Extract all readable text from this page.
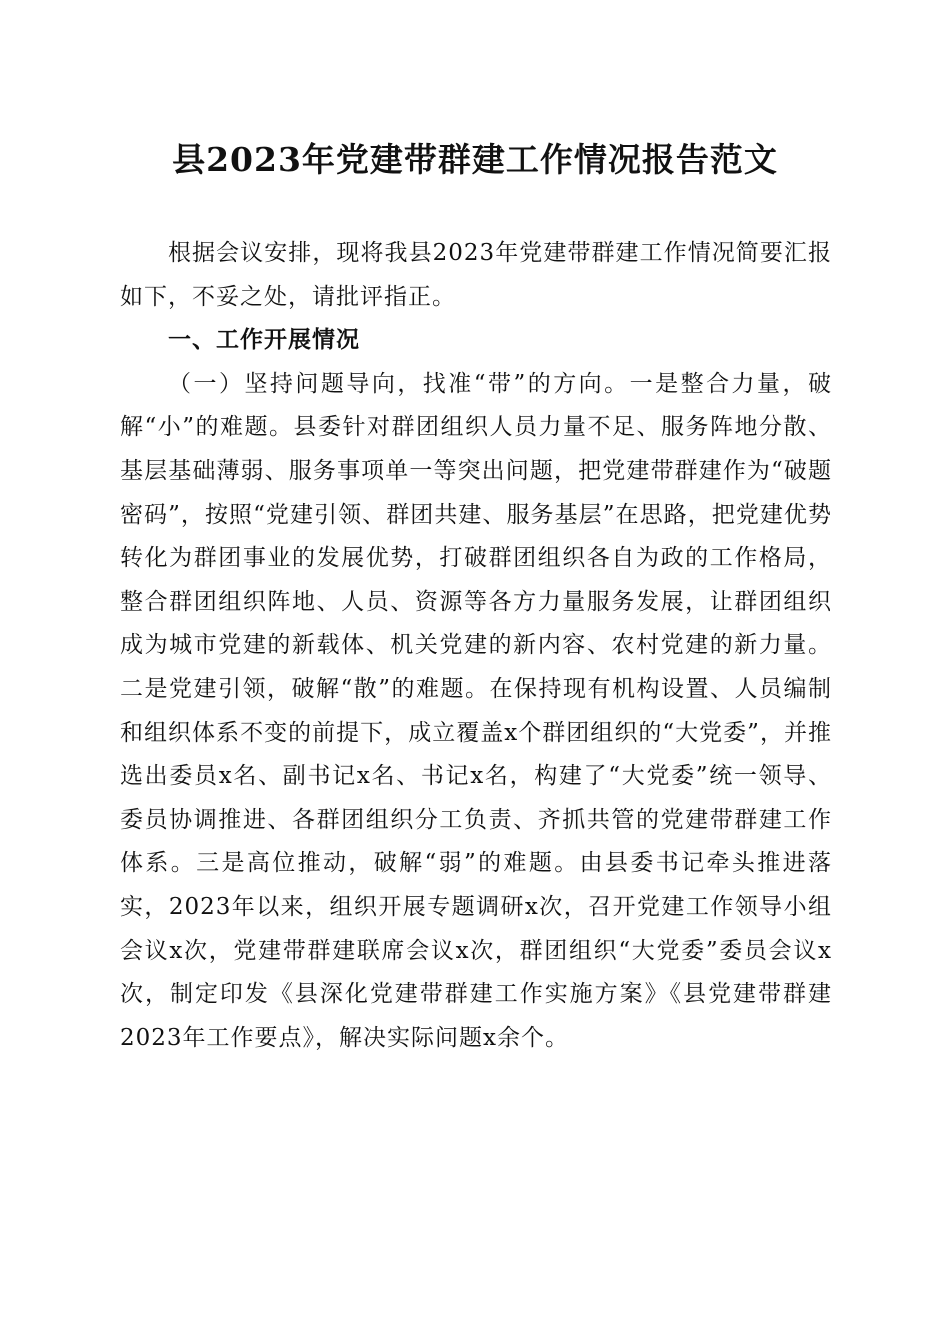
县2023年党建带群建工作情况报告范文

根据会议安排，现将我县2023年党建带群建工作情况简要汇报如下，不妥之处，请批评指正。

一、工作开展情况

（一）坚持问题导向，找准“带”的方向。一是整合力量，破解“小”的难题。县委针对群团组织人员力量不足、服务阵地分散、基层基础薄弱、服务事项单一等突出问题，把党建带群建作为“破题密码”，按照“党建引领、群团共建、服务基层”在思路，把党建优势转化为群团事业的发展优势，打破群团组织各自为政的工作格局，整合群团组织阵地、人员、资源等各方力量服务发展，让群团组织成为城市党建的新载体、机关党建的新内容、农村党建的新力量。二是党建引领，破解“散”的难题。在保持现有机构设置、人员编制和组织体系不变的前提下，成立覆盖x个群团组织的“大党委”，并推选出委员x名、副书记x名、书记x名，构建了“大党委”统一领导、委员协调推进、各群团组织分工负责、齐抓共管的党建带群建工作体系。三是高位推动，破解“弱”的难题。由县委书记牵头推进落实，2023年以来，组织开展专题调研x次，召开党建工作领导小组会议x次，党建带群建联席会议x次，群团组织“大党委”委员会议x次，制定印发《县深化党建带群建工作实施方案》《县党建带群建2023年工作要点》，解决实际问题x余个。
